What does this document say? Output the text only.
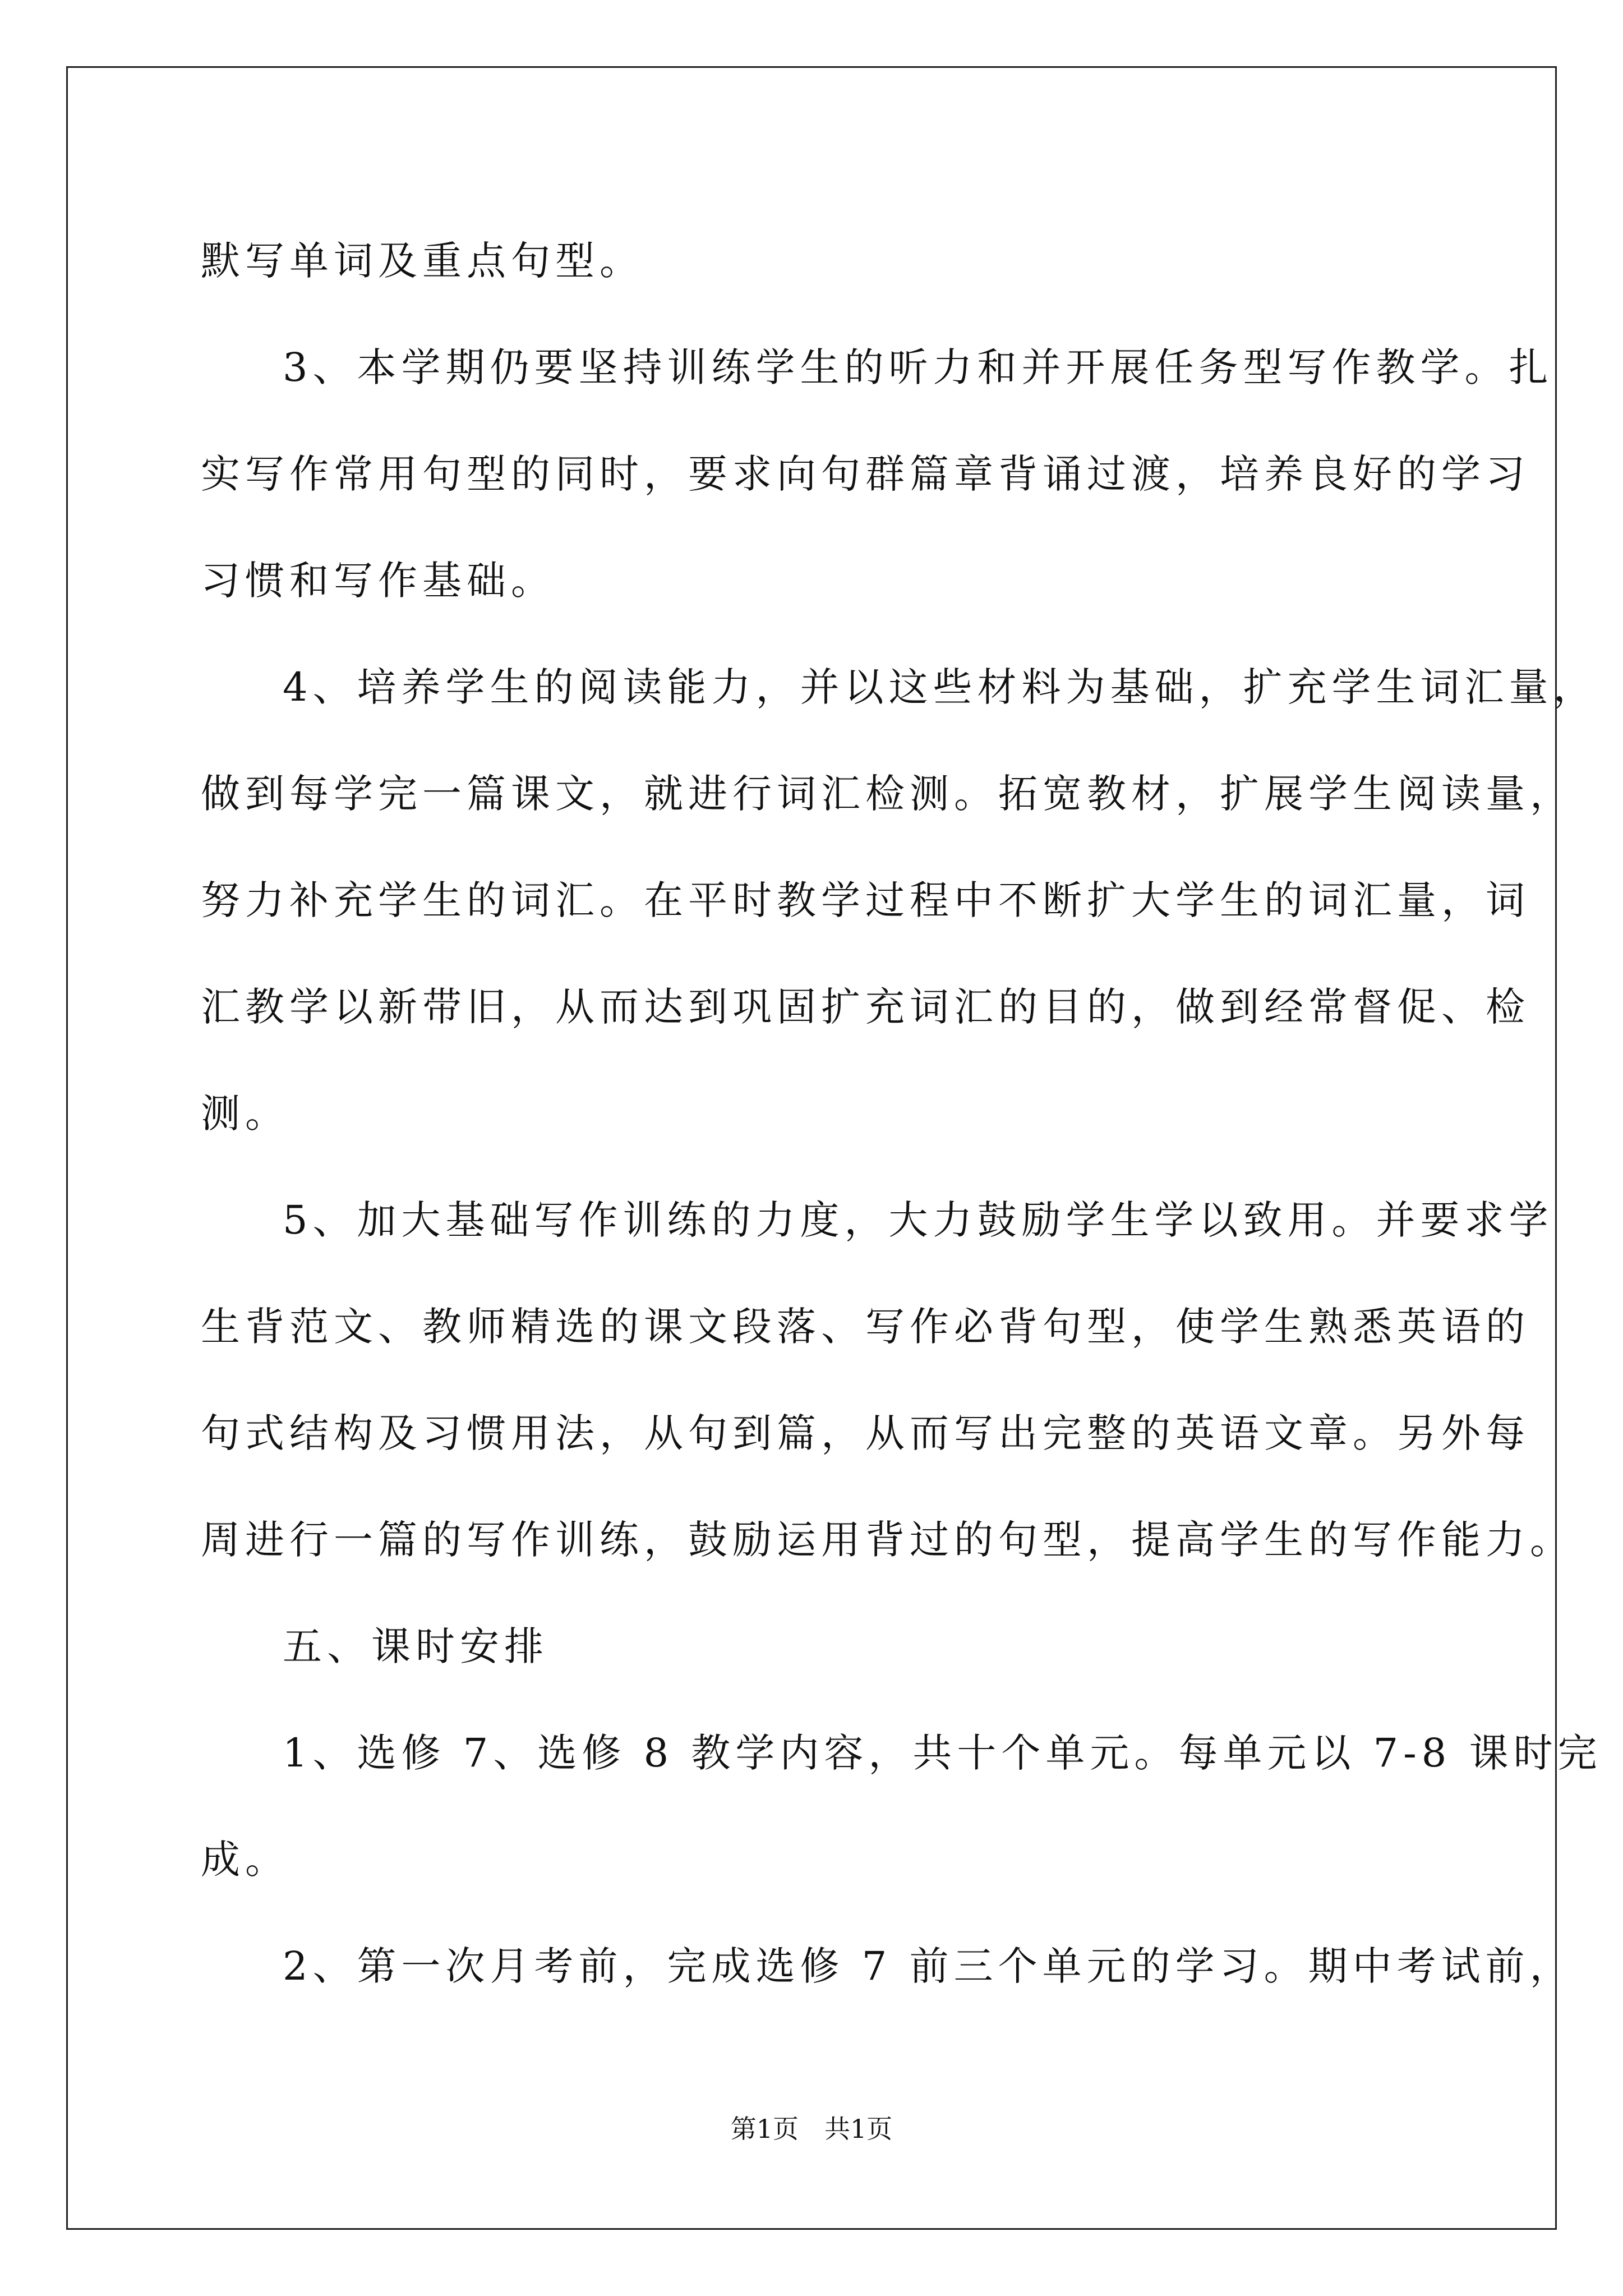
默写单词及重点句型。
3、本学期仍要坚持训练学生的听力和并开展任务型写作教学。扎
实写作常用句型的同时，要求向句群篇章背诵过渡，培养良好的学习
习惯和写作基础。
4、培养学生的阅读能力，并以这些材料为基础，扩充学生词汇量，
做到每学完一篇课文，就进行词汇检测。拓宽教材，扩展学生阅读量，
努力补充学生的词汇。在平时教学过程中不断扩大学生的词汇量，词
汇教学以新带旧，从而达到巩固扩充词汇的目的，做到经常督促、检
测。
5、加大基础写作训练的力度，大力鼓励学生学以致用。并要求学
生背范文、教师精选的课文段落、写作必背句型，使学生熟悉英语的
句式结构及习惯用法，从句到篇，从而写出完整的英语文章。另外每
周进行一篇的写作训练，鼓励运用背过的句型，提高学生的写作能力。
五、课时安排
1、选修 7、选修 8 教学内容，共十个单元。每单元以 7-8 课时完
成。
2、第一次月考前，完成选修 7 前三个单元的学习。期中考试前，
第1页　共1页
